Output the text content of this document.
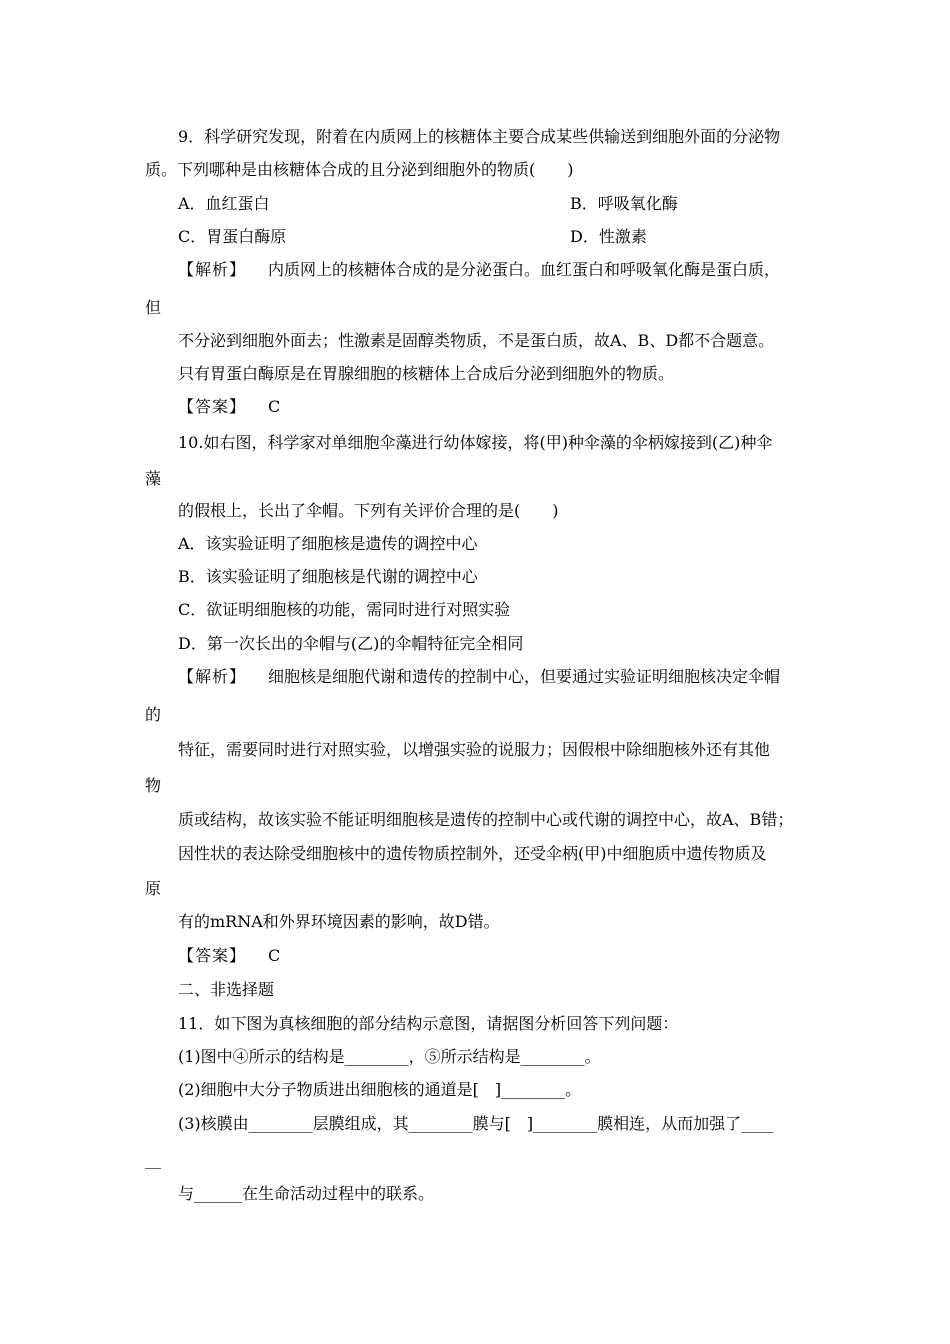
9．科学研究发现，附着在内质网上的核糖体主要合成某些供输送到细胞外面的分泌物
质。下列哪种是由核糖体合成的且分泌到细胞外的物质(　　)
A．血红蛋白	B．呼吸氧化酶
C．胃蛋白酶原	D．性激素
【解析】 内质网上的核糖体合成的是分泌蛋白。血红蛋白和呼吸氧化酶是蛋白质，
但
不分泌到细胞外面去；性激素是固醇类物质，不是蛋白质，故A、B、D都不合题意。
只有胃蛋白酶原是在胃腺细胞的核糖体上合成后分泌到细胞外的物质。
【答案】 C
10.如右图，科学家对单细胞伞藻进行幼体嫁接，将(甲)种伞藻的伞柄嫁接到(乙)种伞
藻
的假根上，长出了伞帽。下列有关评价合理的是(　　)
A．该实验证明了细胞核是遗传的调控中心
B．该实验证明了细胞核是代谢的调控中心
C．欲证明细胞核的功能，需同时进行对照实验
D．第一次长出的伞帽与(乙)的伞帽特征完全相同
【解析】 细胞核是细胞代谢和遗传的控制中心，但要通过实验证明细胞核决定伞帽
的
特征，需要同时进行对照实验，以增强实验的说服力；因假根中除细胞核外还有其他
物
质或结构，故该实验不能证明细胞核是遗传的控制中心或代谢的调控中心，故A、B错；
因性状的表达除受细胞核中的遗传物质控制外，还受伞柄(甲)中细胞质中遗传物质及
原
有的mRNA和外界环境因素的影响，故D错。
【答案】 C
二、非选择题
11．如下图为真核细胞的部分结构示意图，请据图分析回答下列问题：
(1)图中④所示的结构是________，⑤所示结构是________。
(2)细胞中大分子物质进出细胞核的通道是[　]________。
(3)核膜由________层膜组成，其________膜与[　]________膜相连，从而加强了____
__
与______在生命活动过程中的联系。
